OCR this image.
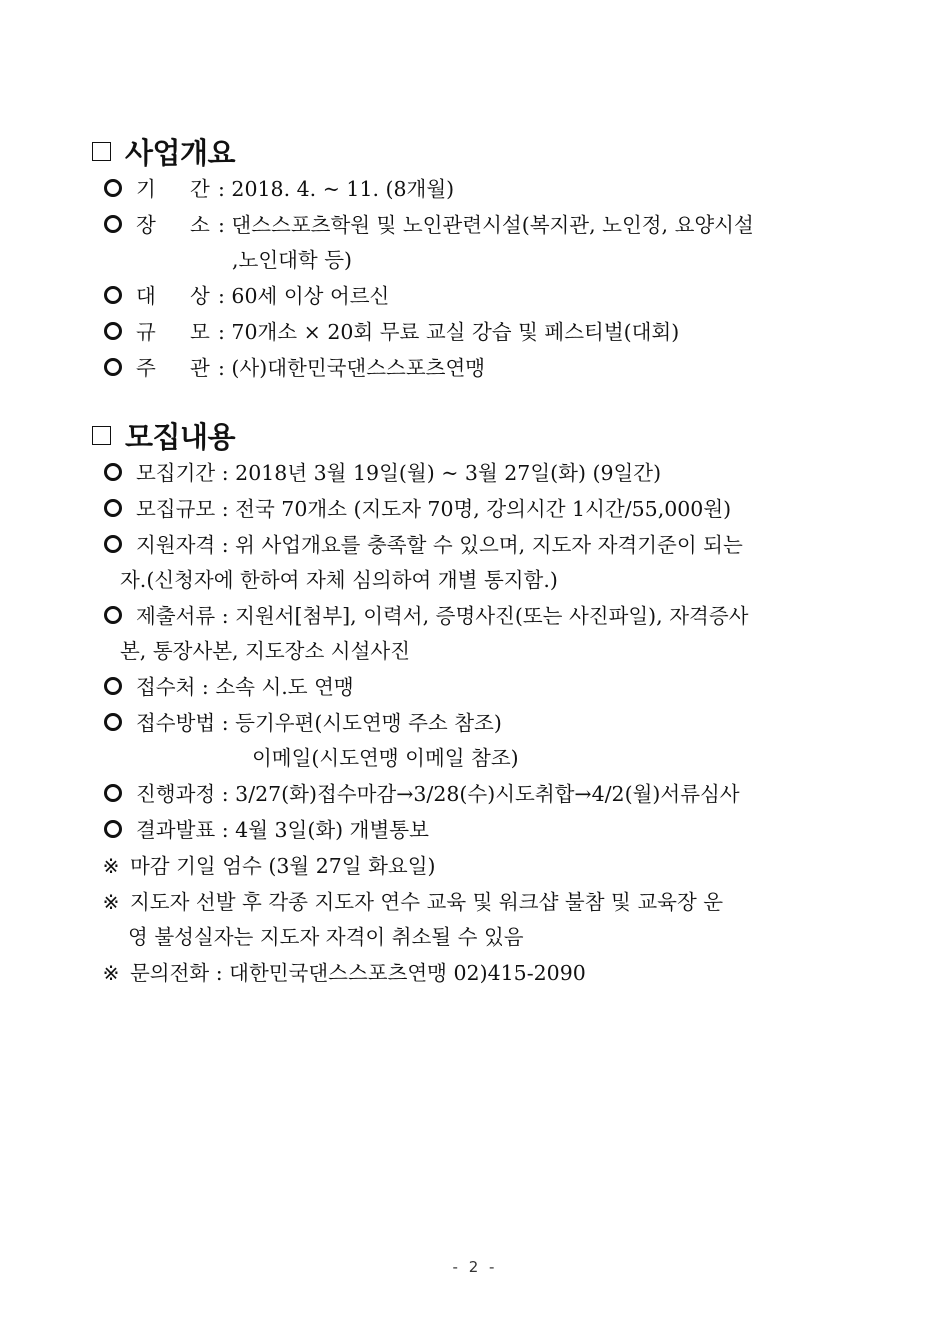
사업개요
기 간 : 2018. 4. ~ 11. (8개월)
장 소 : 댄스스포츠학원 및 노인관련시설(복지관, 노인정, 요양시설
,노인대학 등)
대 상 : 60세 이상 어르신
규 모 : 70개소 × 20회 무료 교실 강습 및 페스티벌(대회)
주 관 : (사)대한민국댄스스포츠연맹
모집내용
모집기간 : 2018년 3월 19일(월) ~ 3월 27일(화) (9일간)
모집규모 : 전국 70개소 (지도자 70명, 강의시간 1시간/55,000원)
지원자격 : 위 사업개요를 충족할 수 있으며, 지도자 자격기준이 되는
자.(신청자에 한하여 자체 심의하여 개별 통지함.)
제출서류 : 지원서[첨부], 이력서, 증명사진(또는 사진파일), 자격증사
본, 통장사본, 지도장소 시설사진
접수처 : 소속 시.도 연맹
접수방법 : 등기우편(시도연맹 주소 참조)
이메일(시도연맹 이메일 참조)
진행과정 : 3/27(화)접수마감→3/28(수)시도취합→4/2(월)서류심사
결과발표 : 4월 3일(화) 개별통보
※ 마감 기일 엄수 (3월 27일 화요일)
※ 지도자 선발 후 각종 지도자 연수 교육 및 워크샵 불참 및 교육장 운
영 불성실자는 지도자 자격이 취소될 수 있음
※ 문의전화 : 대한민국댄스스포츠연맹 02)415-2090
- 2 -
